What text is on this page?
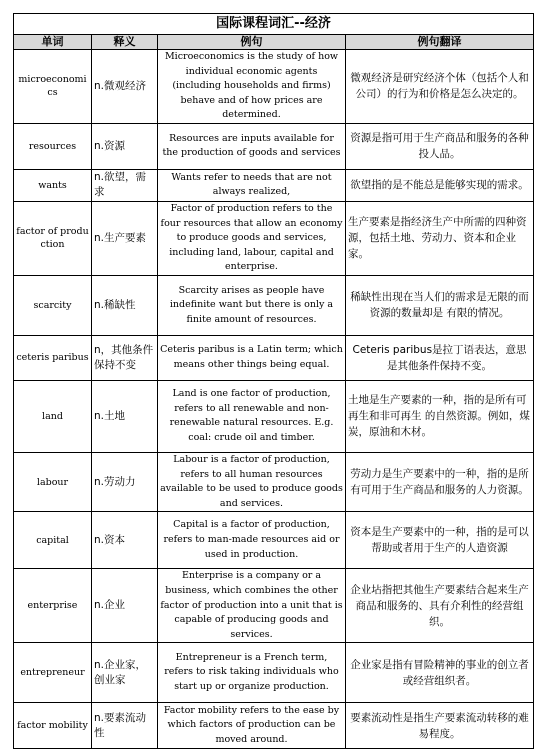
国际课程词汇--经济			
单词	释义	例句	例句翻译
microeconomics	n.微观经济	Microeconomics is the study of how individual economic agents (including households and firms) behave and of how prices are determined.	微观经济是研究经济个体（包括个人和公司）的行为和价格是怎么决定的。
resources	n.资源	Resources are inputs available for the production of goods and services	资源是指可用于生产商品和服务的各种投人品。
wants	n.欲望，需求	Wants refer to needs that are not always realized,	欲望指的是不能总是能够实现的需求。
factor of production	n.生产要素	Factor of production refers to the four resources that allow an economy to produce goods and services, including land, labour, capital and enterprise.	生产要素是指经济生产中所需的四种资源，包括土地、劳动力、资本和企业家。
scarcity	n.稀缺性	Scarcity arises as people have indefinite want but there is only a finite amount of resources.	稀缺性出现在当人们的需求是无限的而资源的数量却是 有限的情况。
ceteris paribus	n，其他条件保持不变	Ceteris paribus is a Latin term; which means other things being equal.	Ceteris paribus是拉丁语表达，意思是其他条件保持不变。
land	n.土地	Land is one factor of production, refers to all renewable and non-renewable natural resources. E.g. coal: crude oil and timber.	土地是生产要素的一种，指的是所有可再生和非可再生 的自然资源。例如，煤炭，原油和木材。
labour	n.劳动力	Labour is a factor of production, refers to all human resources available to be used to produce goods and services.	劳动力是生产要素中的一种，指的是所有可用于生产商品和服务的人力资源。
capital	n.资本	Capital is a factor of production, refers to man-made resources aid or used in production.	资本是生产要素中的一种，指的是可以帮助或者用于生产的人造资源
enterprise	n.企业	Enterprise is a company or a business, which combines the other factor of production into a unit that is capable of producing goods and services.	企业坫指把其他生产要素结合起来生产商品和服务的、具有介利性的经营组织。
entrepreneur	n.企业家，创业家	Entrepreneur is a French term, refers to risk taking individuals who start up or organize production.	企业家是指有冒险精神的事业的创立者或经营组织者。
factor mobility	n.要素流动性	Factor mobility refers to the ease by which factors of production can be moved around.	要素流动性是指生产要素流动转移的难易程度。
